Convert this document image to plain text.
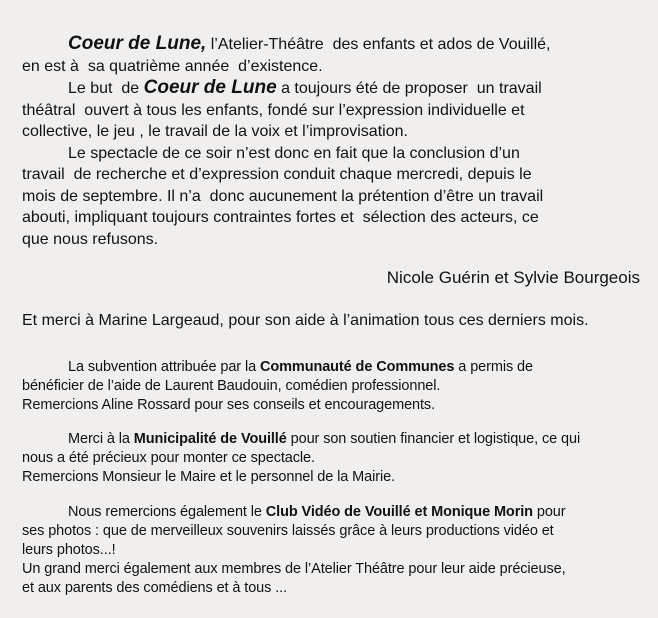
Coeur de Lune, l’Atelier-Théâtre  des enfants et ados de Vouillé,
en est à  sa quatrième année  d’existence.
Le but  de Coeur de Lune a toujours été de proposer  un travail
théâtral  ouvert à tous les enfants, fondé sur l’expression individuelle et
collective, le jeu , le travail de la voix et l’improvisation.
Le spectacle de ce soir n’est donc en fait que la conclusion d’un
travail  de recherche et d’expression conduit chaque mercredi, depuis le
mois de septembre. Il n’a  donc aucunement la prétention d’être un travail
abouti, impliquant toujours contraintes fortes et  sélection des acteurs, ce
que nous refusons.
Nicole Guérin et Sylvie Bourgeois
Et merci à Marine Largeaud, pour son aide à l’animation tous ces derniers mois.
La subvention attribuée par la Communauté de Communes a permis de
bénéficier de l’aide de Laurent Baudouin, comédien professionnel.
Remercions Aline Rossard pour ses conseils et encouragements.
Merci à la Municipalité de Vouillé pour son soutien financier et logistique, ce qui
nous a été précieux pour monter ce spectacle.
Remercions Monsieur le Maire et le personnel de la Mairie.
Nous remercions également le Club Vidéo de Vouillé et Monique Morin pour
ses photos : que de merveilleux souvenirs laissés grâce à leurs productions vidéo et
leurs photos...!
Un grand merci également aux membres de l’Atelier Théâtre pour leur aide précieuse,
et aux parents des comédiens et à tous ...
